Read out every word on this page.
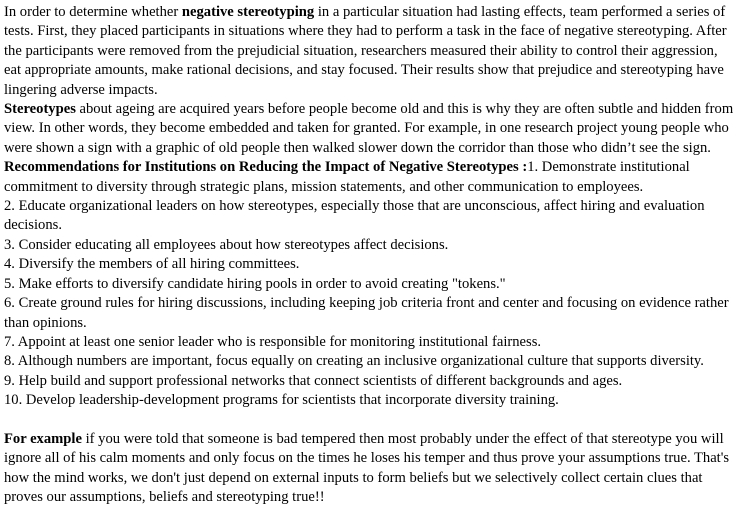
In order to determine whether negative stereotyping in a particular situation had lasting effects, team performed a series of tests. First, they placed participants in situations where they had to perform a task in the face of negative stereotyping. After the participants were removed from the prejudicial situation, researchers measured their ability to control their aggression, eat appropriate amounts, make rational decisions, and stay focused. Their results show that prejudice and stereotyping have lingering adverse impacts.

Stereotypes about ageing are acquired years before people become old and this is why they are often subtle and hidden from view. In other words, they become embedded and taken for granted. For example, in one research project young people who were shown a sign with a graphic of old people then walked slower down the corridor than those who didn’t see the sign.

Recommendations for Institutions on Reducing the Impact of Negative Stereotypes :1. Demonstrate institutional commitment to diversity through strategic plans, mission statements, and other communication to employees.

2. Educate organizational leaders on how stereotypes, especially those that are unconscious, affect hiring and evaluation decisions.

3. Consider educating all employees about how stereotypes affect decisions.

4. Diversify the members of all hiring committees.

5. Make efforts to diversify candidate hiring pools in order to avoid creating "tokens."

6. Create ground rules for hiring discussions, including keeping job criteria front and center and focusing on evidence rather than opinions.

7. Appoint at least one senior leader who is responsible for monitoring institutional fairness.

8. Although numbers are important, focus equally on creating an inclusive organizational culture that supports diversity.

9. Help build and support professional networks that connect scientists of different backgrounds and ages.

10. Develop leadership-development programs for scientists that incorporate diversity training.

For example if you were told that someone is bad tempered then most probably under the effect of that stereotype you will ignore all of his calm moments and only focus on the times he loses his temper and thus prove your assumptions true. That's how the mind works, we don't just depend on external inputs to form beliefs but we selectively collect certain clues that proves our assumptions, beliefs and stereotyping true!!
